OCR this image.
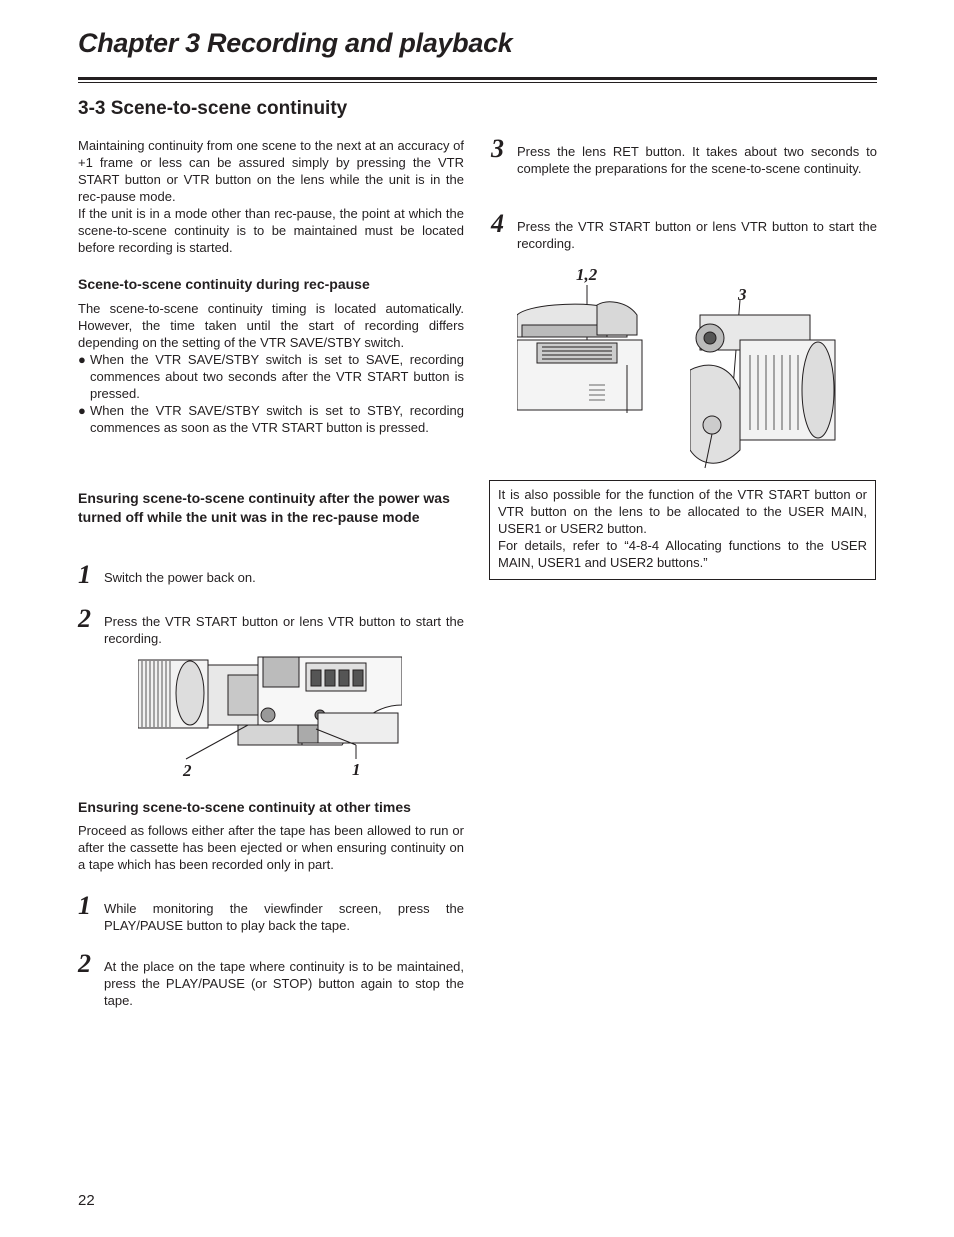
Chapter 3 Recording and playback
3-3 Scene-to-scene continuity

Maintaining continuity from one scene to the next at an accuracy of +1 frame or less can be assured simply by pressing the VTR START button or VTR button on the lens while the unit is in the rec-pause mode.

If the unit is in a mode other than rec-pause, the point at which the scene-to-scene continuity is to be maintained must be located before recording is started.

Scene-to-scene continuity during rec-pause

The scene-to-scene continuity timing is located automatically. However, the time taken until the start of recording differs depending on the setting of the VTR SAVE/STBY switch.

● When the VTR SAVE/STBY switch is set to SAVE, recording commences about two seconds after the VTR START button is pressed.
● When the VTR SAVE/STBY switch is set to STBY, recording commences as soon as the VTR START button is pressed.
Ensuring scene-to-scene continuity after the power was turned off while the unit was in the rec-pause mode
1	Switch the power back on.
2	Press the VTR START button or lens VTR button to start the recording.
2	1
Ensuring scene-to-scene continuity at other times

Proceed as follows either after the tape has been allowed to run or after the cassette has been ejected or when ensuring continuity on a tape which has been recorded only in part.

1	While monitoring the viewfinder screen, press the PLAY/PAUSE button to play back the tape.
2	At the place on the tape where continuity is to be maintained, press the PLAY/PAUSE (or STOP) button again to stop the tape.
3	Press the lens RET button. It takes about two seconds to complete the preparations for the scene-to-scene continuity.
4	Press the VTR START button or lens VTR button to start the recording.
1,2
3

It is also possible for the function of the VTR START button or VTR button on the lens to be allocated to the USER MAIN, USER1 or USER2 button.

For details, refer to “4-8-4 Allocating functions to the USER MAIN, USER1 and USER2 buttons.”

22
